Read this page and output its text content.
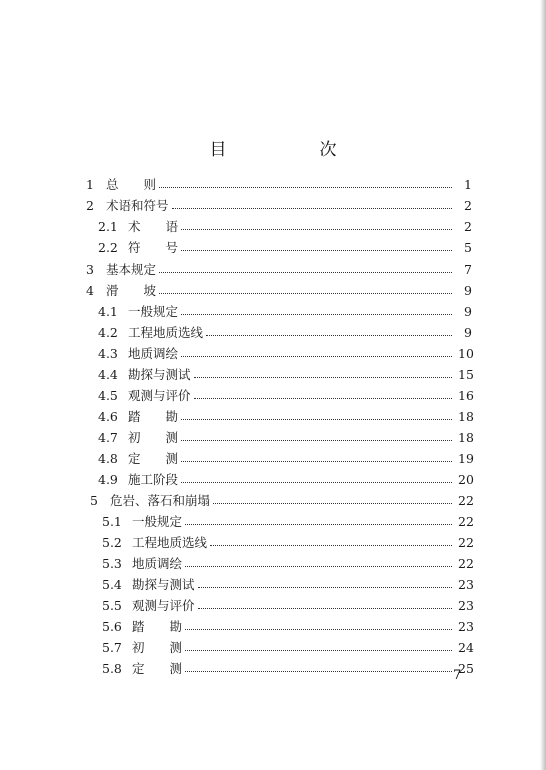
目　次
1 总　　则	1
2 术语和符号	2
2.1 术　　语	2
2.2 符　　号	5
3 基本规定	7
4 滑　　坡	9
4.1 一般规定	9
4.2 工程地质选线	9
4.3 地质调绘	10
4.4 勘探与测试	15
4.5 观测与评价	16
4.6 踏　　勘	18
4.7 初　　测	18
4.8 定　　测	19
4.9 施工阶段	20
5 危岩、落石和崩塌	22
5.1 一般规定	22
5.2 工程地质选线	22
5.3 地质调绘	22
5.4 勘探与测试	23
5.5 观测与评价	23
5.6 踏　　勘	23
5.7 初　　测	24
5.8 定　　测	25
7
